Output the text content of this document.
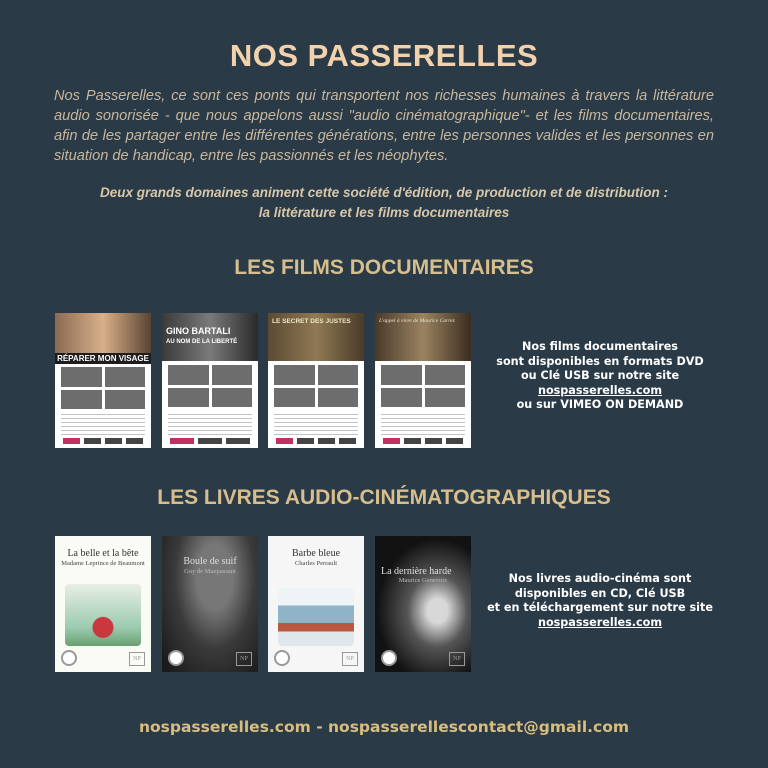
NOS PASSERELLES

Nos Passerelles, ce sont ces ponts qui transportent nos richesses humaines à travers la littérature audio sonorisée - que nous appelons aussi "audio cinématographique"- et les films documentaires, afin de les partager entre les différentes générations, entre les personnes valides et les personnes en situation de handicap, entre les passionnés et les néophytes.

Deux grands domaines animent cette société d'édition, de production et de distribution :
la littérature et les films documentaires
LES FILMS DOCUMENTAIRES
RÉPARER MON VISAGE
GINO BARTALI
AU NOM DE LA LIBERTÉ
LE SECRET DES JUSTES	L'appel à vivre de Maurice Carrez
Nos films documentaires
sont disponibles en formats DVD
ou Clé USB sur notre site
nospasserelles.com
ou sur VIMEO ON DEMAND
LES LIVRES AUDIO-CINÉMATOGRAPHIQUES
La belle et la bête
Madame Leprince de Beaumont
NP
Boule de suif
Guy de Maupassant
NP
Barbe bleue
Charles Perrault
NP
La dernière harde
Maurice Genevoix
NP
Nos livres audio-cinéma sont
disponibles en CD, Clé USB
et en téléchargement sur notre site
nospasserelles.com
nospasserelles.com - nospasserellescontact@gmail.com
